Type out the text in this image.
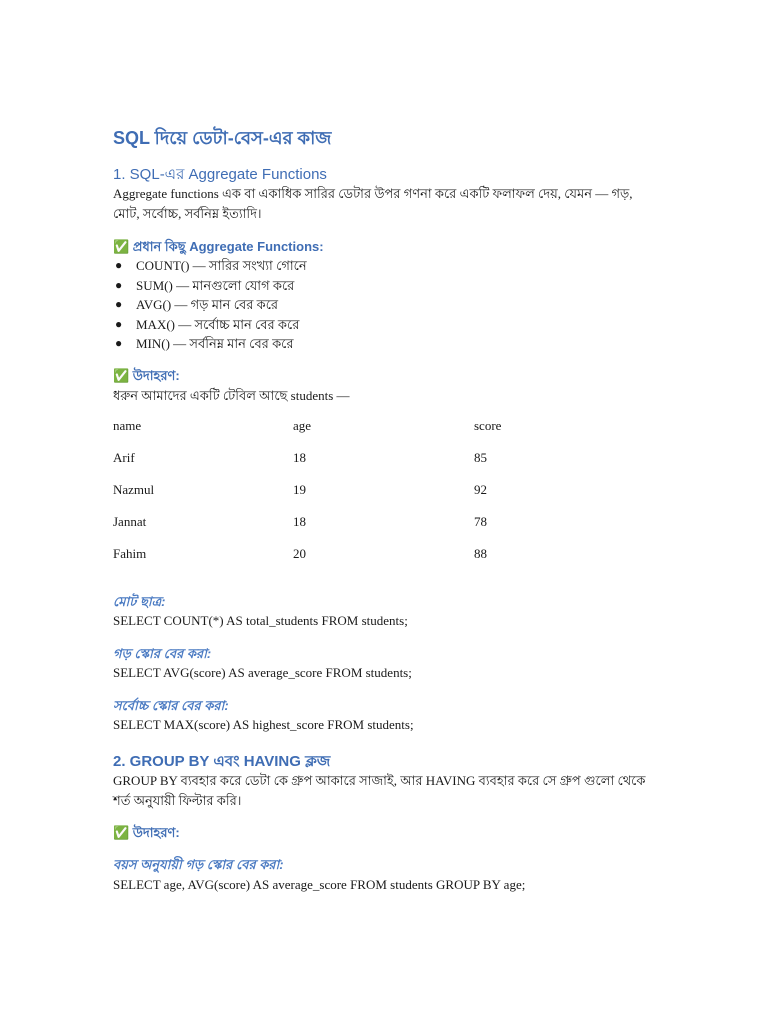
SQL দিয়ে ডেটা-বেস-এর কাজ
1. SQL-এর Aggregate Functions

Aggregate functions এক বা একাধিক সারির ডেটার উপর গণনা করে একটি ফলাফল দেয়, যেমন — গড়, মোট, সর্বোচ্চ, সর্বনিম্ন ইত্যাদি।

✅ প্রধান কিছু Aggregate Functions:
● COUNT() — সারির সংখ্যা গোনে
● SUM() — মানগুলো যোগ করে
● AVG() — গড় মান বের করে
● MAX() — সর্বোচ্চ মান বের করে
● MIN() — সর্বনিম্ন মান বের করে
✅ উদাহরণ:

ধরুন আমাদের একটি টেবিল আছে students —

name	age	score
Arif	18	85
Nazmul	19	92
Jannat	18	78
Fahim	20	88
মোট ছাত্র:

SELECT COUNT(*) AS total_students FROM students;

গড় স্কোর বের করা:

SELECT AVG(score) AS average_score FROM students;

সর্বোচ্চ স্কোর বের করা:

SELECT MAX(score) AS highest_score FROM students;

2. GROUP BY এবং HAVING ক্লজ

GROUP BY ব্যবহার করে ডেটা কে গ্রুপ আকারে সাজাই, আর HAVING ব্যবহার করে সে গ্রুপ গুলো থেকে শর্ত অনুযায়ী ফিল্টার করি।

✅ উদাহরণ:
বয়স অনুযায়ী গড় স্কোর বের করা:

SELECT age, AVG(score) AS average_score FROM students GROUP BY age;
